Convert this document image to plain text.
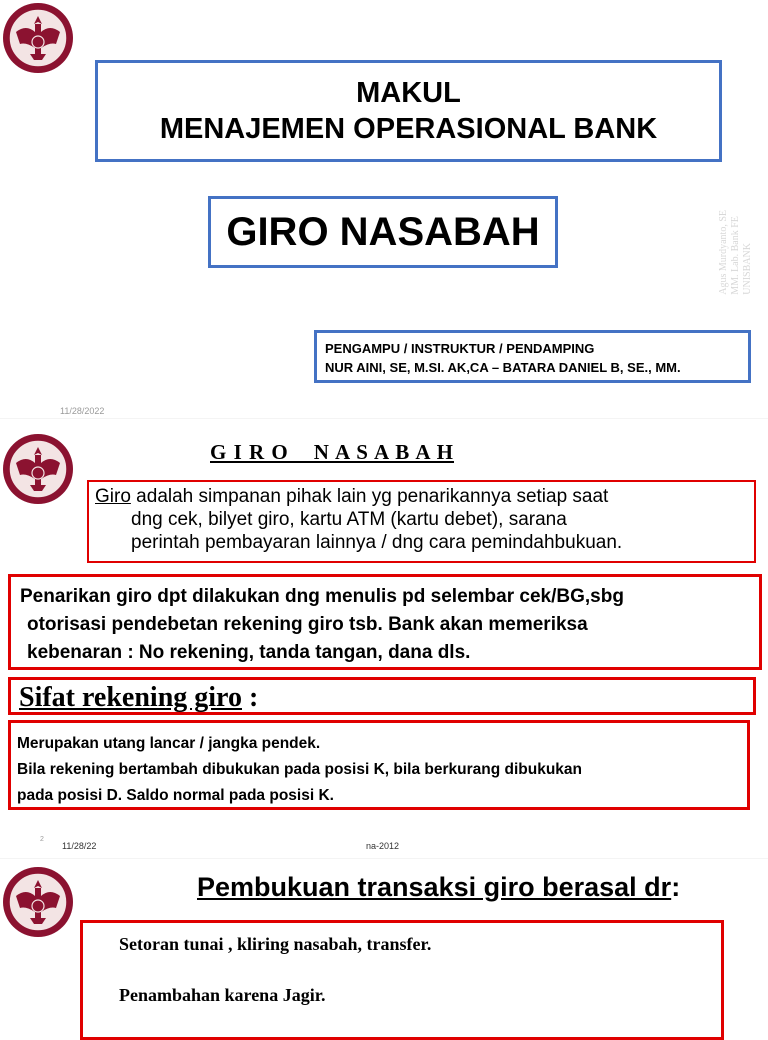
MAKUL
MENAJEMEN OPERASIONAL BANK
GIRO NASABAH	Agus Murdyanto, SE MM. Lab. Bank FE UNISBANK
PENGAMPU / INSTRUKTUR / PENDAMPING
NUR AINI, SE, M.SI. AK,CA – BATARA DANIEL B, SE., MM.
11/28/2022
G I R O    N A S A B A H
Giro adalah simpanan pihak lain yg penarikannya setiap saat
dng cek, bilyet giro, kartu ATM (kartu debet), sarana
perintah pembayaran lainnya / dng cara pemindahbukuan.
Penarikan giro dpt dilakukan dng menulis pd selembar cek/BG,sbg
otorisasi pendebetan rekening giro tsb. Bank akan memeriksa
kebenaran : No rekening, tanda tangan, dana dls.
Sifat rekening giro :
Merupakan utang lancar / jangka pendek.
Bila rekening bertambah dibukukan pada posisi K, bila berkurang dibukukan
pada posisi D. Saldo normal pada posisi K.
2
11/28/22	na-2012
Pembukuan transaksi giro berasal dr:
Setoran tunai , kliring nasabah, transfer.
Penambahan karena Jagir.
